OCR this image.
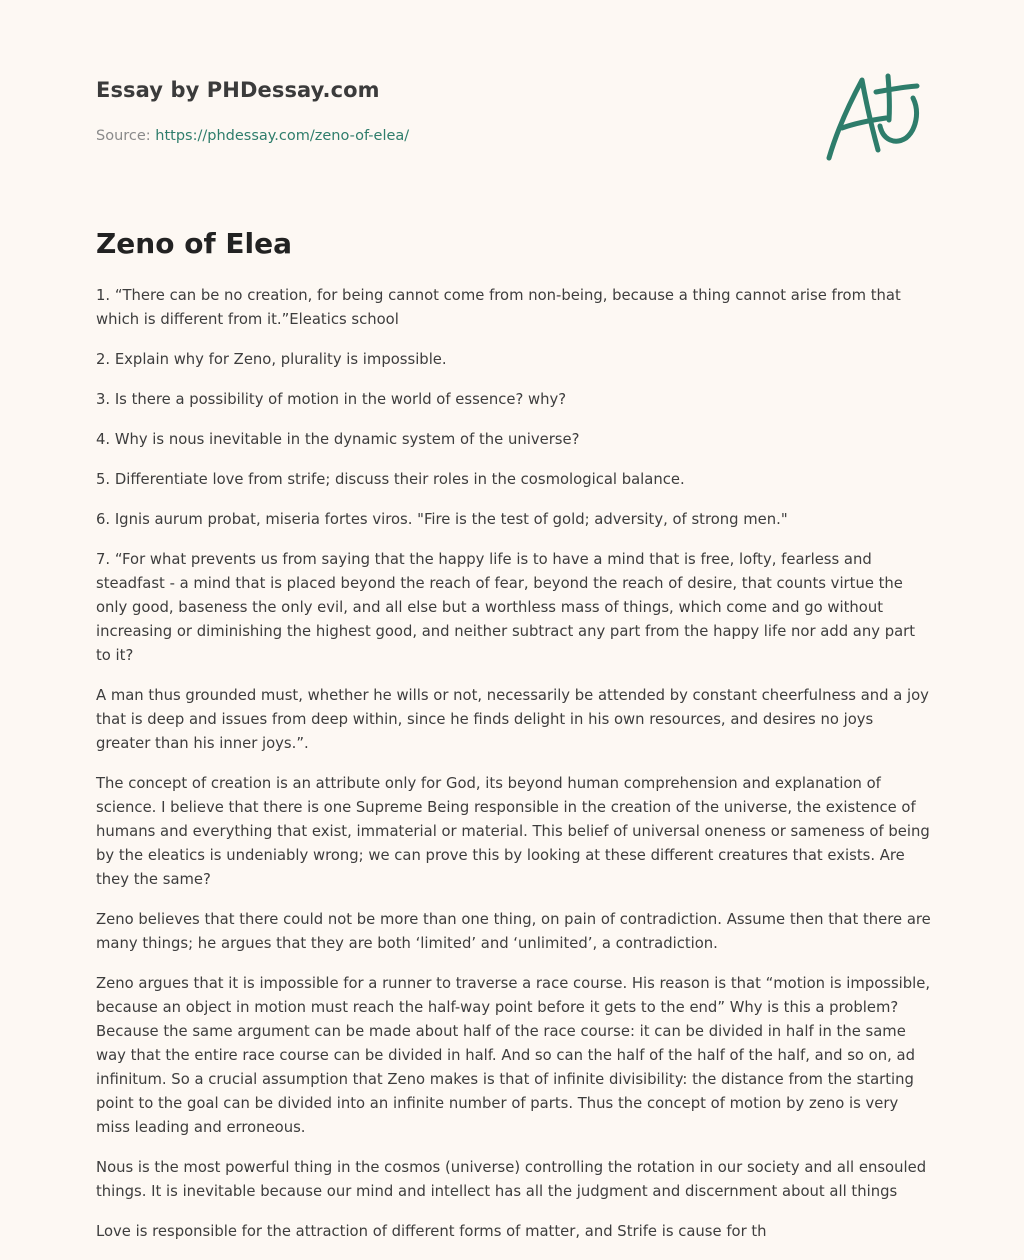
Essay by PHDessay.com

Source: https://phdessay.com/zeno-of-elea/
Zeno of Elea

1. “There can be no creation, for being cannot come from non-being, because a thing cannot arise from that which is different from it.”Eleatics school

2. Explain why for Zeno, plurality is impossible.

3. Is there a possibility of motion in the world of essence? why?

4. Why is nous inevitable in the dynamic system of the universe?

5. Differentiate love from strife; discuss their roles in the cosmological balance.

6. Ignis aurum probat, miseria fortes viros. "Fire is the test of gold; adversity, of strong men."

7. “For what prevents us from saying that the happy life is to have a mind that is free, lofty, fearless and steadfast - a mind that is placed beyond the reach of fear, beyond the reach of desire, that counts virtue the only good, baseness the only evil, and all else but a worthless mass of things, which come and go without increasing or diminishing the highest good, and neither subtract any part from the happy life nor add any part to it?

A man thus grounded must, whether he wills or not, necessarily be attended by constant cheerfulness and a joy that is deep and issues from deep within, since he finds delight in his own resources, and desires no joys greater than his inner joys.”.

The concept of creation is an attribute only for God, its beyond human comprehension and explanation of science. I believe that there is one Supreme Being responsible in the creation of the universe, the existence of humans and everything that exist, immaterial or material. This belief of universal oneness or sameness of being by the eleatics is undeniably wrong; we can prove this by looking at these different creatures that exists. Are they the same?

Zeno believes that there could not be more than one thing, on pain of contradiction. Assume then that there are many things; he argues that they are both ‘limited’ and ‘unlimited’, a contradiction.

Zeno argues that it is impossible for a runner to traverse a race course. His reason is that “motion is impossible, because an object in motion must reach the half-way point before it gets to the end” Why is this a problem? Because the same argument can be made about half of the race course: it can be divided in half in the same way that the entire race course can be divided in half. And so can the half of the half of the half, and so on, ad infinitum. So a crucial assumption that Zeno makes is that of infinite divisibility: the distance from the starting point to the goal can be divided into an infinite number of parts. Thus the concept of motion by zeno is very miss leading and erroneous.

Nous is the most powerful thing in the cosmos (universe) controlling the rotation in our society and all ensouled things. It is inevitable because our mind and intellect has all the judgment and discernment about all things

Love is responsible for the attraction of different forms of matter, and Strife is cause for th
